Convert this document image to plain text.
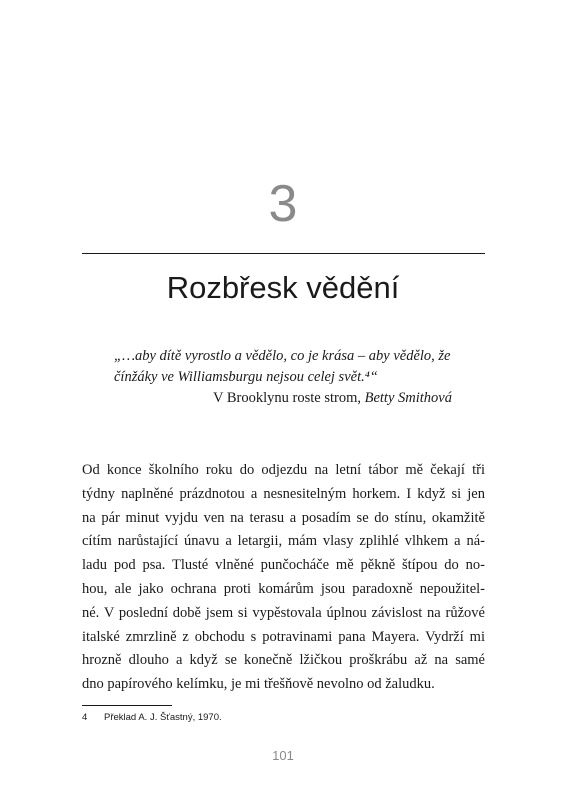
3
Rozbřesk vědění
„…aby dítě vyrostlo a vědělo, co je krása – aby vědělo, že
čínžáky ve Williamsburgu nejsou celej svět.⁴“
V Brooklynu roste strom, Betty Smithová
Od konce školního roku do odjezdu na letní tábor mě čekají tři
týdny naplněné prázdnotou a nesnesitelným horkem. I když si jen
na pár minut vyjdu ven na terasu a posadím se do stínu, okamžitě
cítím narůstající únavu a letargii, mám vlasy zplihlé vlhkem a ná-
ladu pod psa. Tlusté vlněné punčocháče mě pěkně štípou do no-
hou, ale jako ochrana proti komárům jsou paradoxně nepoužitel-
né. V poslední době jsem si vypěstovala úplnou závislost na růžové
italské zmrzlině z obchodu s potravinami pana Mayera. Vydrží mi
hrozně dlouho a když se konečně lžičkou proškrábu až na samé
dno papírového kelímku, je mi třešňově nevolno od žaludku.
4 Překlad A. J. Šťastný, 1970.
101
